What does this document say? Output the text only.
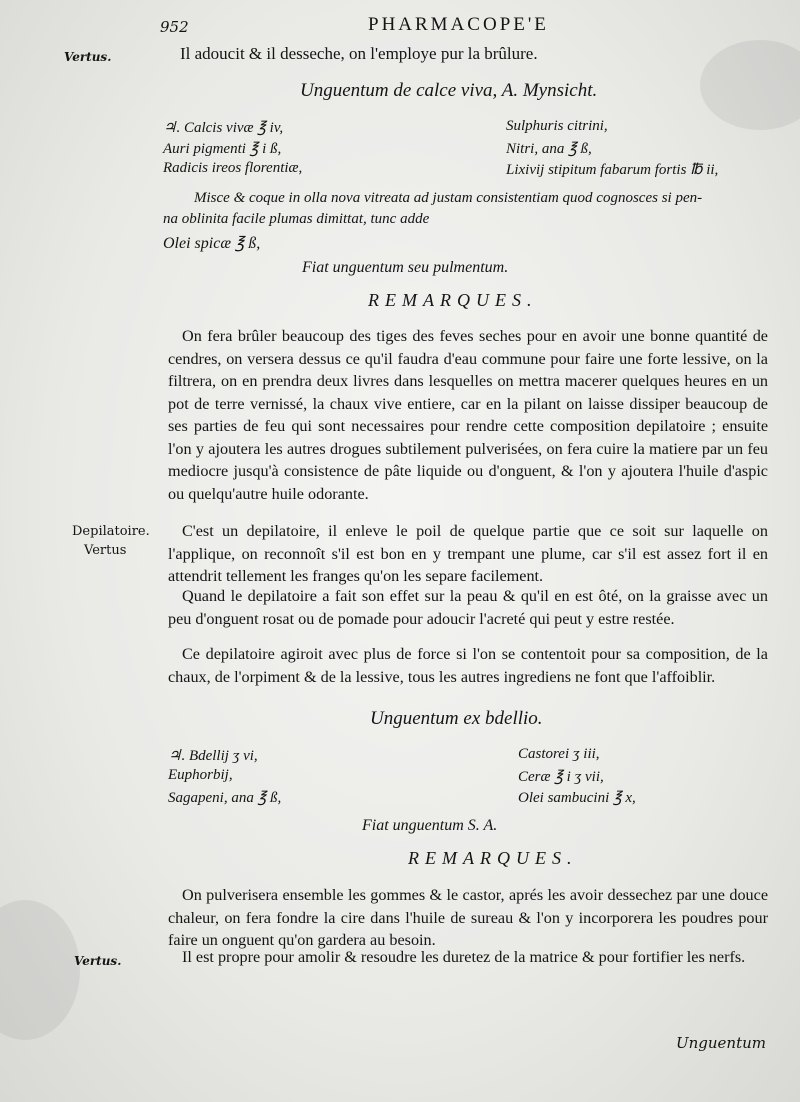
952	PHARMACOPE'E
Vertus.
Depilatoire.
Vertus
Vertus.
Il adoucit & il desseche, on l'employe pur la brûlure.
Unguentum de calce viva, A. Mynsicht.
♃. Calcis vivæ ℥ iv,
Auri pigmenti ℥ i ß,
Radicis ireos florentiæ,
Sulphuris citrini,
Nitri, ana ℥ ß,
Lixivij stipitum fabarum fortis ℔ ii,
Misce & coque in olla nova vitreata ad justam consistentiam quod cognosces si pen-
na oblinita facile plumas dimittat, tunc adde
Olei spicæ ℥ ß,
Fiat unguentum seu pulmentum.
REMARQUES.
On fera brûler beaucoup des tiges des feves seches pour en avoir une bonne quantité de cendres, on versera dessus ce qu'il faudra d'eau commune pour faire une forte lessive, on la filtrera, on en prendra deux livres dans lesquelles on mettra macerer quelques heures en un pot de terre vernissé, la chaux vive entiere, car en la pilant on laisse dissiper beaucoup de ses parties de feu qui sont necessaires pour rendre cette composition depilatoire ; ensuite l'on y ajoutera les autres drogues subtilement pulverisées, on fera cuire la matiere par un feu mediocre jusqu'à consistence de pâte liquide ou d'onguent, & l'on y ajoutera l'huile d'aspic ou quelqu'autre huile odorante.
C'est un depilatoire, il enleve le poil de quelque partie que ce soit sur laquelle on l'applique, on reconnoît s'il est bon en y trempant une plume, car s'il est assez fort il en attendrit tellement les franges qu'on les separe facilement.
Quand le depilatoire a fait son effet sur la peau & qu'il en est ôté, on la graisse avec un peu d'onguent rosat ou de pomade pour adoucir l'acreté qui peut y estre restée.
Ce depilatoire agiroit avec plus de force si l'on se contentoit pour sa composition, de la chaux, de l'orpiment & de la lessive, tous les autres ingrediens ne font que l'affoiblir.
Unguentum ex bdellio.
♃. Bdellij ʒ vi,
Euphorbij,
Sagapeni, ana ℥ ß,
Castorei ʒ iii,
Ceræ ℥ i ʒ vii,
Olei sambucini ℥ x,
Fiat unguentum S. A.
REMARQUES.
On pulverisera ensemble les gommes & le castor, aprés les avoir dessechez par une douce chaleur, on fera fondre la cire dans l'huile de sureau & l'on y incorporera les poudres pour faire un onguent qu'on gardera au besoin.
Il est propre pour amolir & resoudre les duretez de la matrice & pour fortifier les nerfs.
Unguentum
